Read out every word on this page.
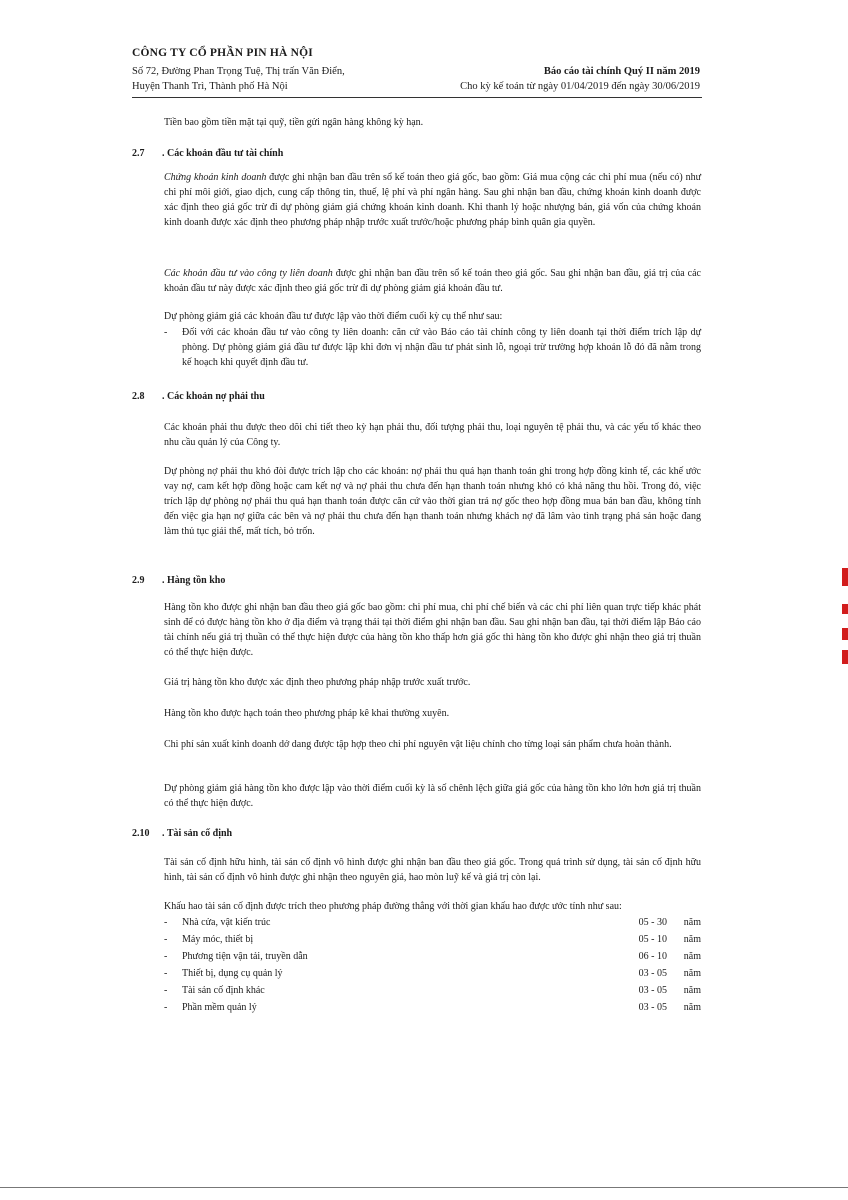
CÔNG TY CỔ PHẦN PIN HÀ NỘI
Số 72, Đường Phan Trọng Tuệ, Thị trấn Văn Điển,
Huyện Thanh Trì, Thành phố Hà Nội
Báo cáo tài chính Quý II năm 2019
Cho kỳ kế toán từ ngày 01/04/2019 đến ngày 30/06/2019

Tiền bao gồm tiền mặt tại quỹ, tiền gửi ngân hàng không kỳ hạn.

2.7 . Các khoản đầu tư tài chính

Chứng khoán kinh doanh được ghi nhận ban đầu trên sổ kế toán theo giá gốc, bao gồm: Giá mua cộng các chi phí mua (nếu có) như chi phí môi giới, giao dịch, cung cấp thông tin, thuế, lệ phí và phí ngân hàng. Sau ghi nhận ban đầu, chứng khoán kinh doanh được xác định theo giá gốc trừ đi dự phòng giảm giá chứng khoán kinh doanh. Khi thanh lý hoặc nhượng bán, giá vốn của chứng khoán kinh doanh được xác định theo phương pháp nhập trước xuất trước/hoặc phương pháp bình quân gia quyền.

Các khoản đầu tư vào công ty liên doanh được ghi nhận ban đầu trên sổ kế toán theo giá gốc. Sau ghi nhận ban đầu, giá trị của các khoản đầu tư này được xác định theo giá gốc trừ đi dự phòng giảm giá khoản đầu tư.

Dự phòng giảm giá các khoản đầu tư được lập vào thời điểm cuối kỳ cụ thể như sau:

- Đối với các khoản đầu tư vào công ty liên doanh: căn cứ vào Báo cáo tài chính công ty liên doanh tại thời điểm trích lập dự phòng. Dự phòng giảm giá đầu tư được lập khi đơn vị nhận đầu tư phát sinh lỗ, ngoại trừ trường hợp khoản lỗ đó đã nằm trong kế hoạch khi quyết định đầu tư.
2.8 . Các khoản nợ phải thu

Các khoản phải thu được theo dõi chi tiết theo kỳ hạn phải thu, đối tượng phải thu, loại nguyên tệ phải thu, và các yếu tố khác theo nhu cầu quản lý của Công ty.

Dự phòng nợ phải thu khó đòi được trích lập cho các khoản: nợ phải thu quá hạn thanh toán ghi trong hợp đồng kinh tế, các khế ước vay nợ, cam kết hợp đồng hoặc cam kết nợ và nợ phải thu chưa đến hạn thanh toán nhưng khó có khả năng thu hồi. Trong đó, việc trích lập dự phòng nợ phải thu quá hạn thanh toán được căn cứ vào thời gian trả nợ gốc theo hợp đồng mua bán ban đầu, không tính đến việc gia hạn nợ giữa các bên và nợ phải thu chưa đến hạn thanh toán nhưng khách nợ đã lâm vào tình trạng phá sản hoặc đang làm thủ tục giải thể, mất tích, bỏ trốn.

2.9 . Hàng tồn kho

Hàng tồn kho được ghi nhận ban đầu theo giá gốc bao gồm: chi phí mua, chi phí chế biến và các chi phí liên quan trực tiếp khác phát sinh để có được hàng tồn kho ở địa điểm và trạng thái tại thời điểm ghi nhận ban đầu. Sau ghi nhận ban đầu, tại thời điểm lập Báo cáo tài chính nếu giá trị thuần có thể thực hiện được của hàng tồn kho thấp hơn giá gốc thì hàng tồn kho được ghi nhận theo giá trị thuần có thể thực hiện được.

Giá trị hàng tồn kho được xác định theo phương pháp nhập trước xuất trước.

Hàng tồn kho được hạch toán theo phương pháp kê khai thường xuyên.

Chi phí sản xuất kinh doanh dở dang được tập hợp theo chi phí nguyên vật liệu chính cho từng loại sản phẩm chưa hoàn thành.

Dự phòng giảm giá hàng tồn kho được lập vào thời điểm cuối kỳ là số chênh lệch giữa giá gốc của hàng tồn kho lớn hơn giá trị thuần có thể thực hiện được.

2.10 . Tài sản cố định

Tài sản cố định hữu hình, tài sản cố định vô hình được ghi nhận ban đầu theo giá gốc. Trong quá trình sử dụng, tài sản cố định hữu hình, tài sản cố định vô hình được ghi nhận theo nguyên giá, hao mòn luỹ kế và giá trị còn lại.

Khấu hao tài sản cố định được trích theo phương pháp đường thẳng với thời gian khấu hao được ước tính như sau:

- Nhà cửa, vật kiến trúc	05 - 30 năm
- Máy móc, thiết bị	05 - 10 năm
- Phương tiện vận tải, truyền dẫn	06 - 10 năm
- Thiết bị, dụng cụ quản lý	03 - 05 năm
- Tài sản cố định khác	03 - 05 năm
- Phần mềm quản lý	03 - 05 năm
